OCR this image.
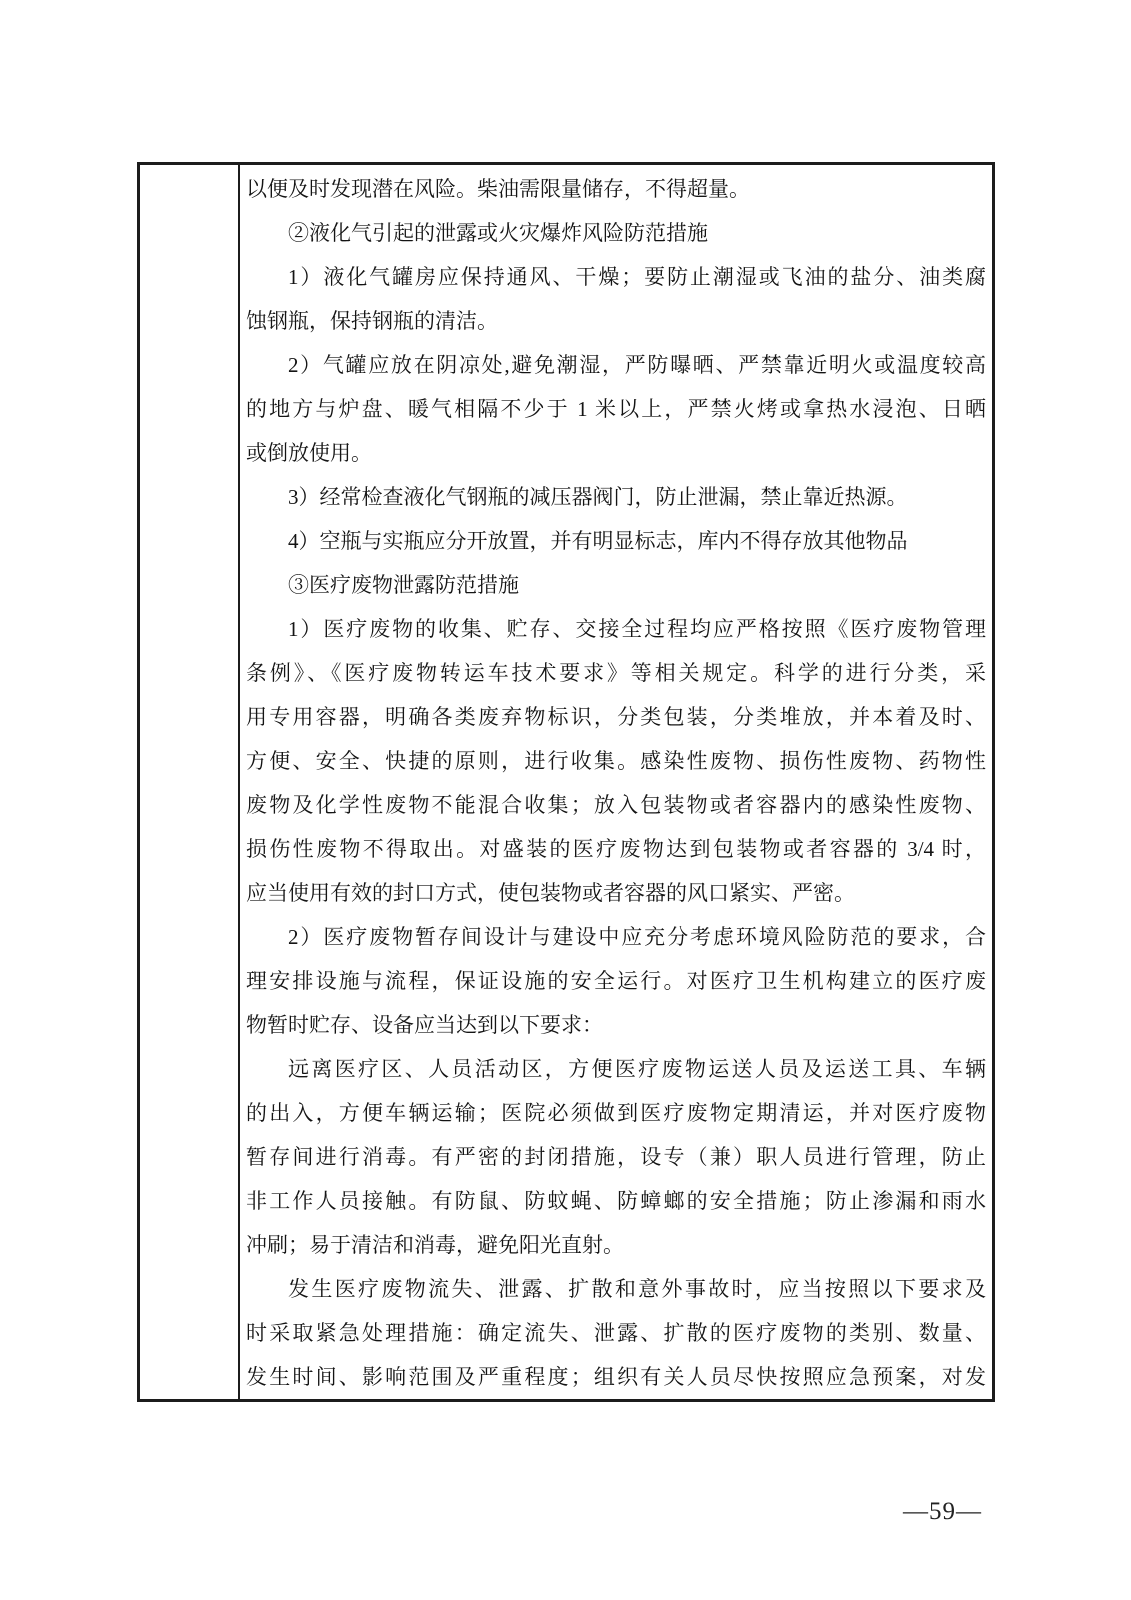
以便及时发现潜在风险。柴油需限量储存，不得超量。
②液化气引起的泄露或火灾爆炸风险防范措施
1）液化气罐房应保持通风、干燥；要防止潮湿或飞油的盐分、油类腐
蚀钢瓶，保持钢瓶的清洁。
2）气罐应放在阴凉处,避免潮湿，严防曝晒、严禁靠近明火或温度较高
的地方与炉盘、暖气相隔不少于 1 米以上，严禁火烤或拿热水浸泡、日晒
或倒放使用。
3）经常检查液化气钢瓶的减压器阀门，防止泄漏，禁止靠近热源。
4）空瓶与实瓶应分开放置，并有明显标志，库内不得存放其他物品
③医疗废物泄露防范措施
1）医疗废物的收集、贮存、交接全过程均应严格按照《医疗废物管理
条例》、《医疗废物转运车技术要求》等相关规定。科学的进行分类，采
用专用容器，明确各类废弃物标识，分类包装，分类堆放，并本着及时、
方便、安全、快捷的原则，进行收集。感染性废物、损伤性废物、药物性
废物及化学性废物不能混合收集；放入包装物或者容器内的感染性废物、
损伤性废物不得取出。对盛装的医疗废物达到包装物或者容器的 3/4 时，
应当使用有效的封口方式，使包装物或者容器的风口紧实、严密。
2）医疗废物暂存间设计与建设中应充分考虑环境风险防范的要求，合
理安排设施与流程，保证设施的安全运行。对医疗卫生机构建立的医疗废
物暂时贮存、设备应当达到以下要求：
远离医疗区、人员活动区，方便医疗废物运送人员及运送工具、车辆
的出入，方便车辆运输；医院必须做到医疗废物定期清运，并对医疗废物
暂存间进行消毒。有严密的封闭措施，设专（兼）职人员进行管理，防止
非工作人员接触。有防鼠、防蚊蝇、防蟑螂的安全措施；防止渗漏和雨水
冲刷；易于清洁和消毒，避免阳光直射。
发生医疗废物流失、泄露、扩散和意外事故时，应当按照以下要求及
时采取紧急处理措施：确定流失、泄露、扩散的医疗废物的类别、数量、
发生时间、影响范围及严重程度；组织有关人员尽快按照应急预案，对发
—59—
